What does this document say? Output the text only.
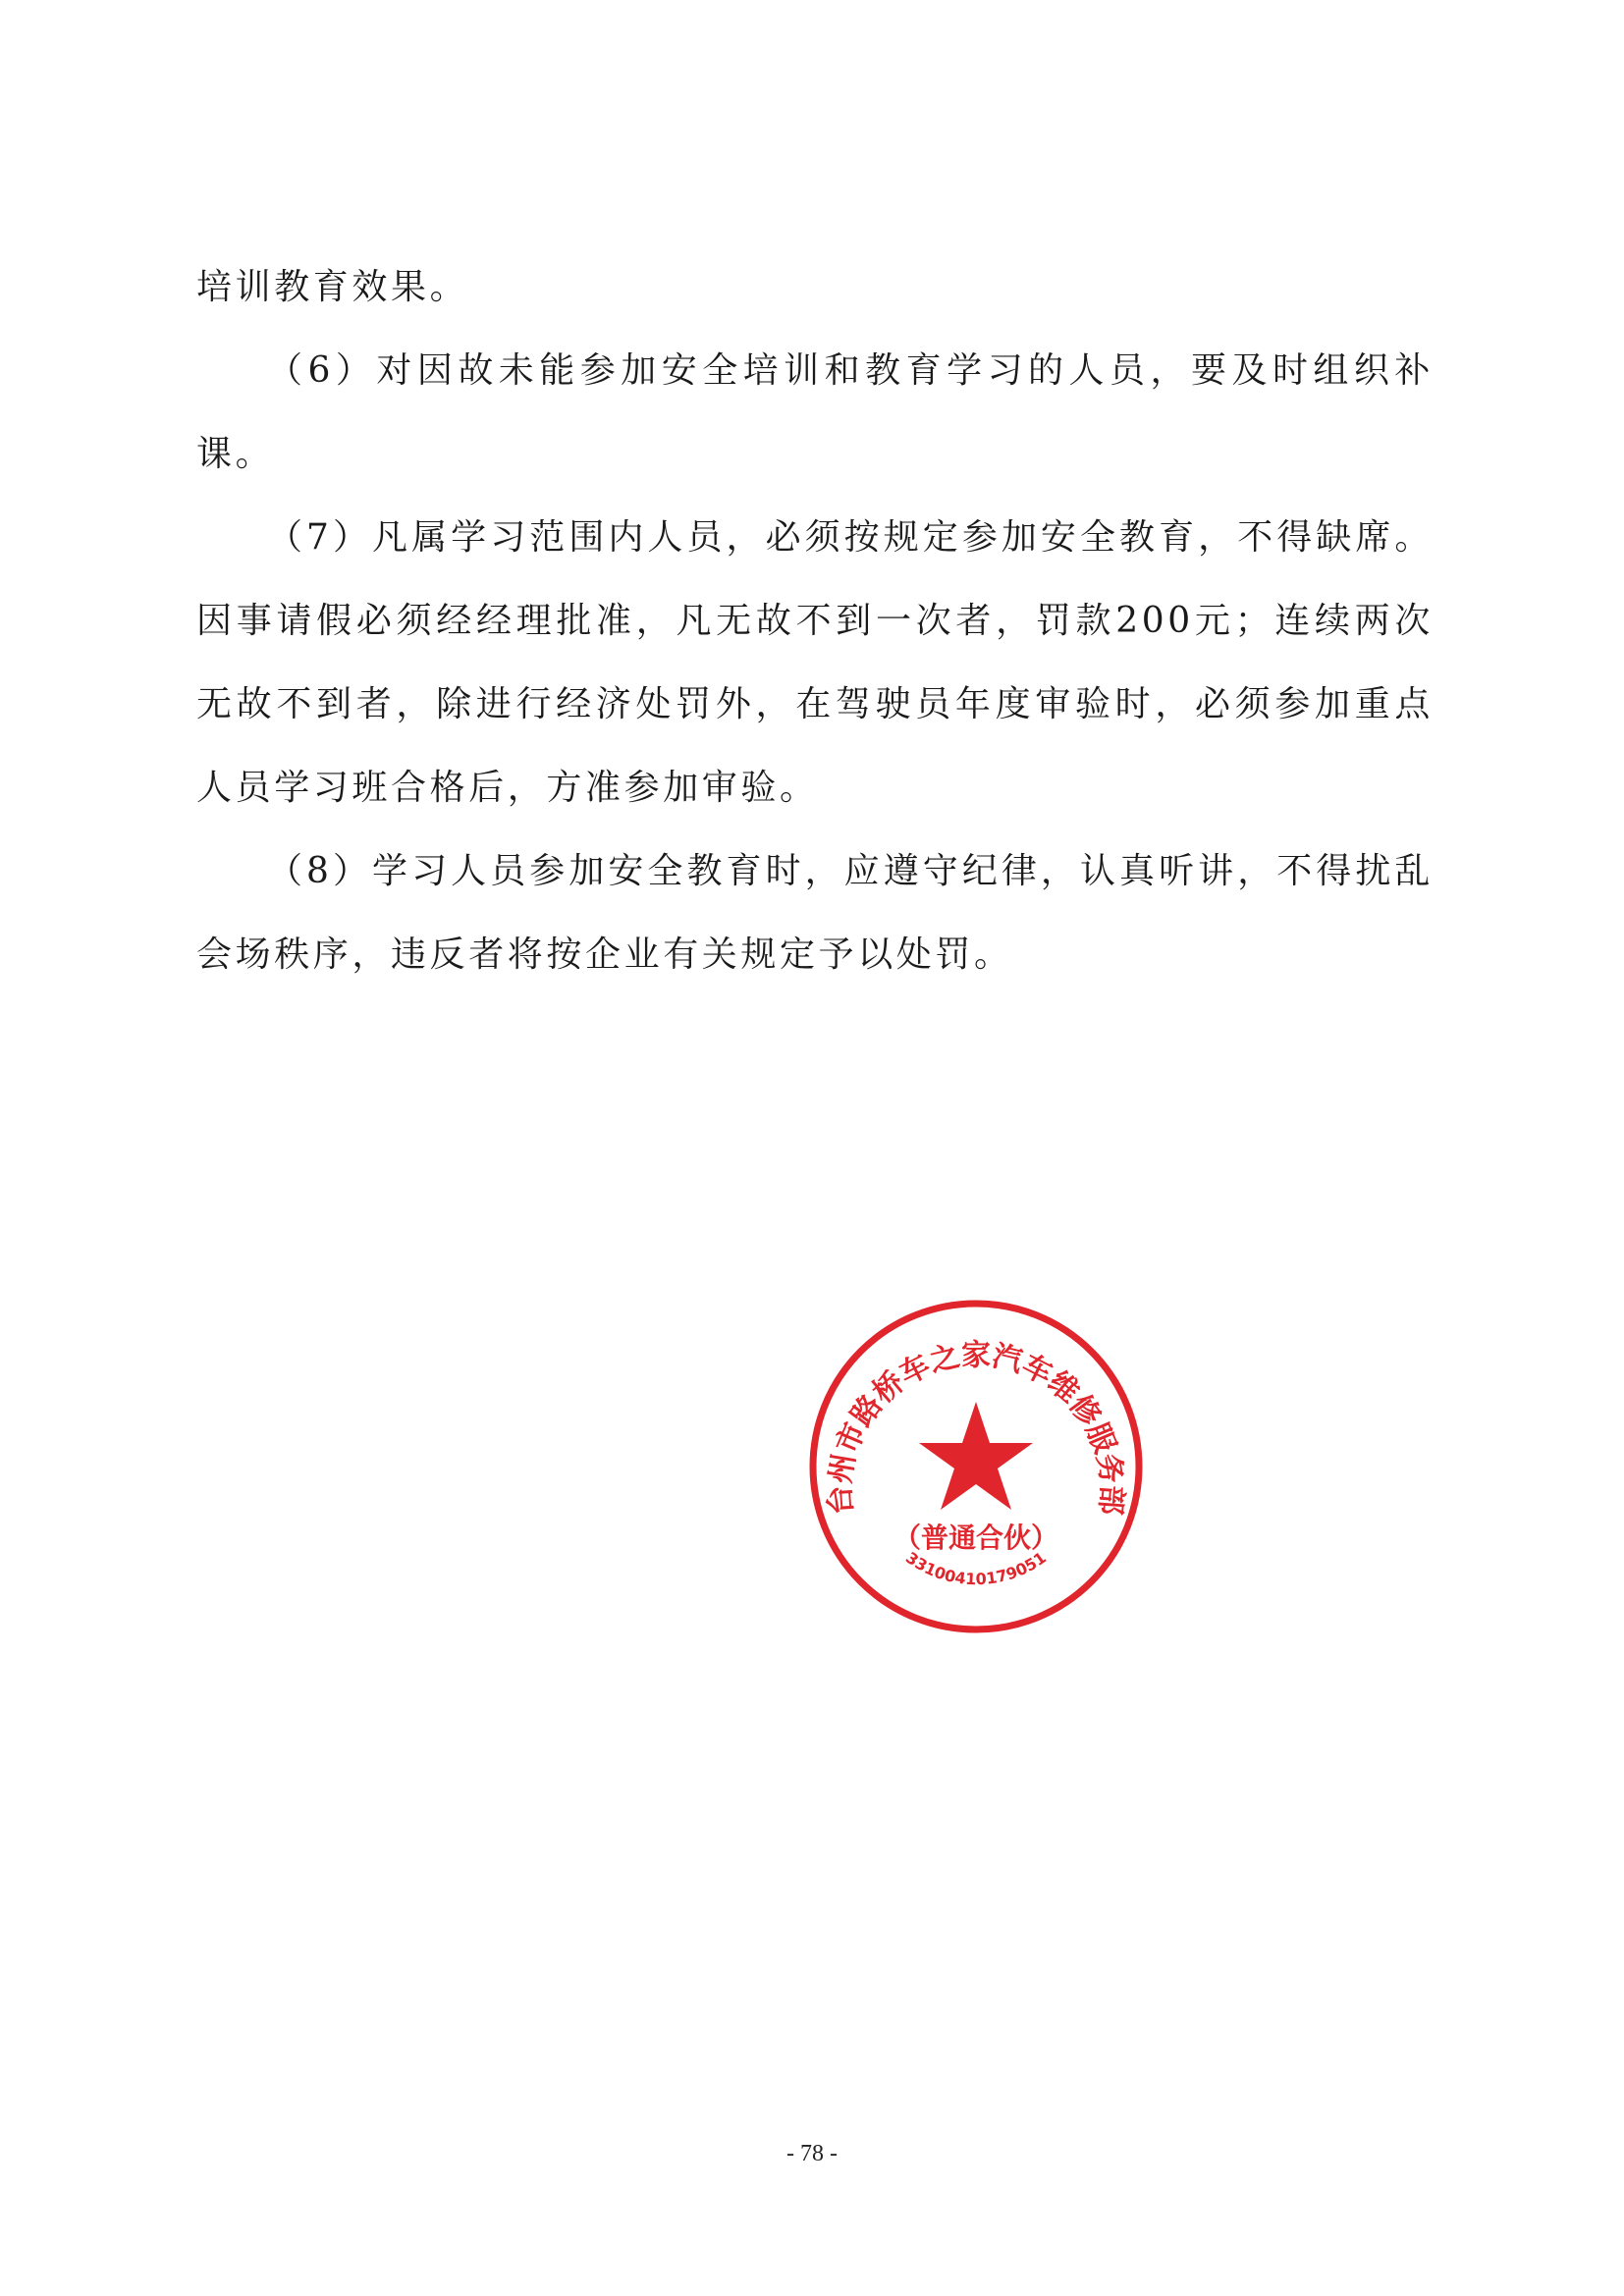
培训教育效果。

（6）对因故未能参加安全培训和教育学习的人员，要及时组织补课。

（7）凡属学习范围内人员，必须按规定参加安全教育，不得缺席。因事请假必须经经理批准，凡无故不到一次者，罚款200元；连续两次无故不到者，除进行经济处罚外，在驾驶员年度审验时，必须参加重点人员学习班合格后，方准参加审验。

（8）学习人员参加安全教育时，应遵守纪律，认真听讲，不得扰乱会场秩序，违反者将按企业有关规定予以处罚。

台州市路桥车之家汽车维修服务部
3310041017905​1
（普通合伙）
- 78 -
